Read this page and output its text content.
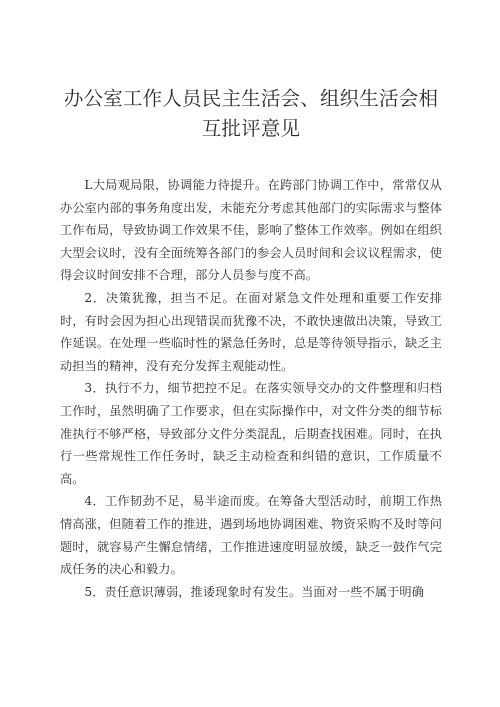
办公室工作人员民主生活会、组织生活会相互批评意见

L大局观局限，协调能力待提升。在跨部门协调工作中，常常仅从办公室内部的事务角度出发，未能充分考虑其他部门的实际需求与整体工作布局，导致协调工作效果不佳，影响了整体工作效率。例如在组织大型会议时，没有全面统筹各部门的参会人员时间和会议议程需求，使得会议时间安排不合理，部分人员参与度不高。

2．决策犹豫，担当不足。在面对紧急文件处理和重要工作安排时，有时会因为担心出现错误而犹豫不决，不敢快速做出决策，导致工作延误。在处理一些临时性的紧急任务时，总是等待领导指示，缺乏主动担当的精神，没有充分发挥主观能动性。

3．执行不力，细节把控不足。在落实领导交办的文件整理和归档工作时，虽然明确了工作要求，但在实际操作中，对文件分类的细节标准执行不够严格，导致部分文件分类混乱，后期查找困难。同时，在执行一些常规性工作任务时，缺乏主动检查和纠错的意识，工作质量不高。

4．工作韧劲不足，易半途而废。在筹备大型活动时，前期工作热情高涨，但随着工作的推进，遇到场地协调困难、物资采购不及时等问题时，就容易产生懈怠情绪，工作推进速度明显放缓，缺乏一鼓作气完成任务的决心和毅力。

5．责任意识薄弱，推诿现象时有发生。当面对一些不属于明确
